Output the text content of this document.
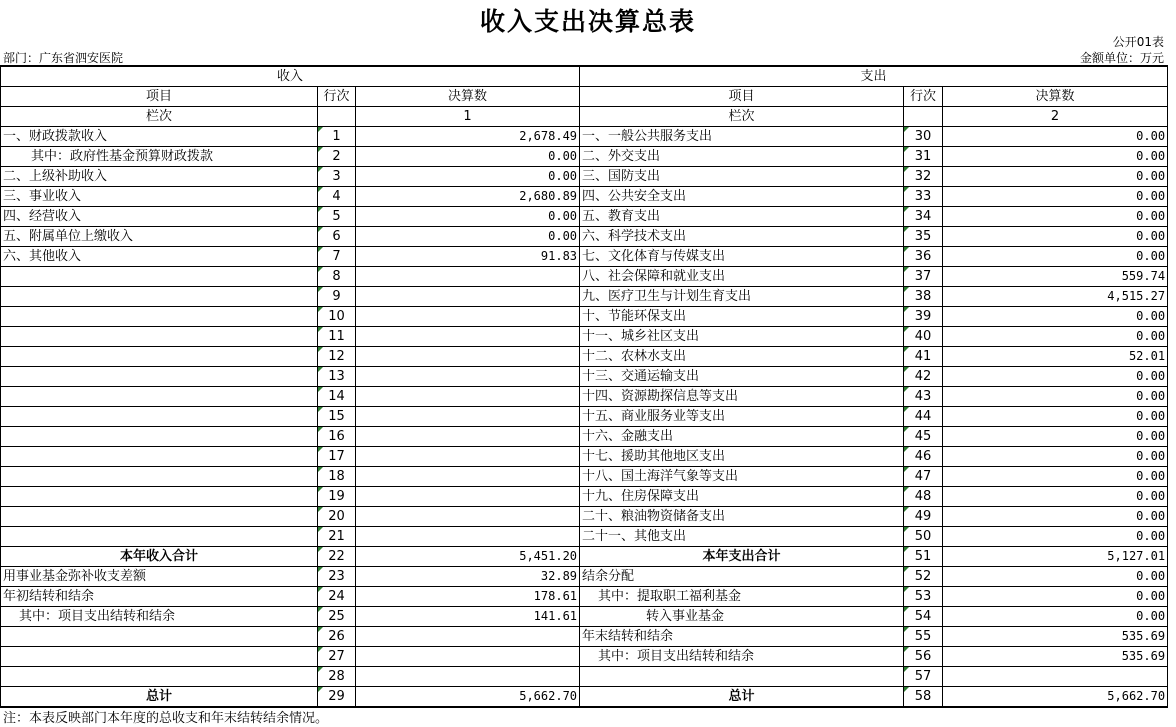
收入支出决算总表
公开01表
部门：广东省泗安医院	金额单位：万元
收入			支出		
项目	行次	决算数	项目	行次	决算数
栏次		1	栏次		2
一、财政拨款收入	1	2,678.49	一、一般公共服务支出	30	0.00
其中：政府性基金预算财政拨款	2	0.00	二、外交支出	31	0.00
二、上级补助收入	3	0.00	三、国防支出	32	0.00
三、事业收入	4	2,680.89	四、公共安全支出	33	0.00
四、经营收入	5	0.00	五、教育支出	34	0.00
五、附属单位上缴收入	6	0.00	六、科学技术支出	35	0.00
六、其他收入	7	91.83	七、文化体育与传媒支出	36	0.00
	8		八、社会保障和就业支出	37	559.74
	9		九、医疗卫生与计划生育支出	38	4,515.27
	10		十、节能环保支出	39	0.00
	11		十一、城乡社区支出	40	0.00
	12		十二、农林水支出	41	52.01
	13		十三、交通运输支出	42	0.00
	14		十四、资源勘探信息等支出	43	0.00
	15		十五、商业服务业等支出	44	0.00
	16		十六、金融支出	45	0.00
	17		十七、援助其他地区支出	46	0.00
	18		十八、国土海洋气象等支出	47	0.00
	19		十九、住房保障支出	48	0.00
	20		二十、粮油物资储备支出	49	0.00
	21		二十一、其他支出	50	0.00
本年收入合计	22	5,451.20	本年支出合计	51	5,127.01
用事业基金弥补收支差额	23	32.89	结余分配	52	0.00
年初结转和结余	24	178.61	其中：提取职工福利基金	53	0.00
其中：项目支出结转和结余	25	141.61	转入事业基金	54	0.00
	26		年末结转和结余	55	535.69
	27		其中：项目支出结转和结余	56	535.69
	28			57	
总计	29	5,662.70	总计	58	5,662.70
注：本表反映部门本年度的总收支和年末结转结余情况。
